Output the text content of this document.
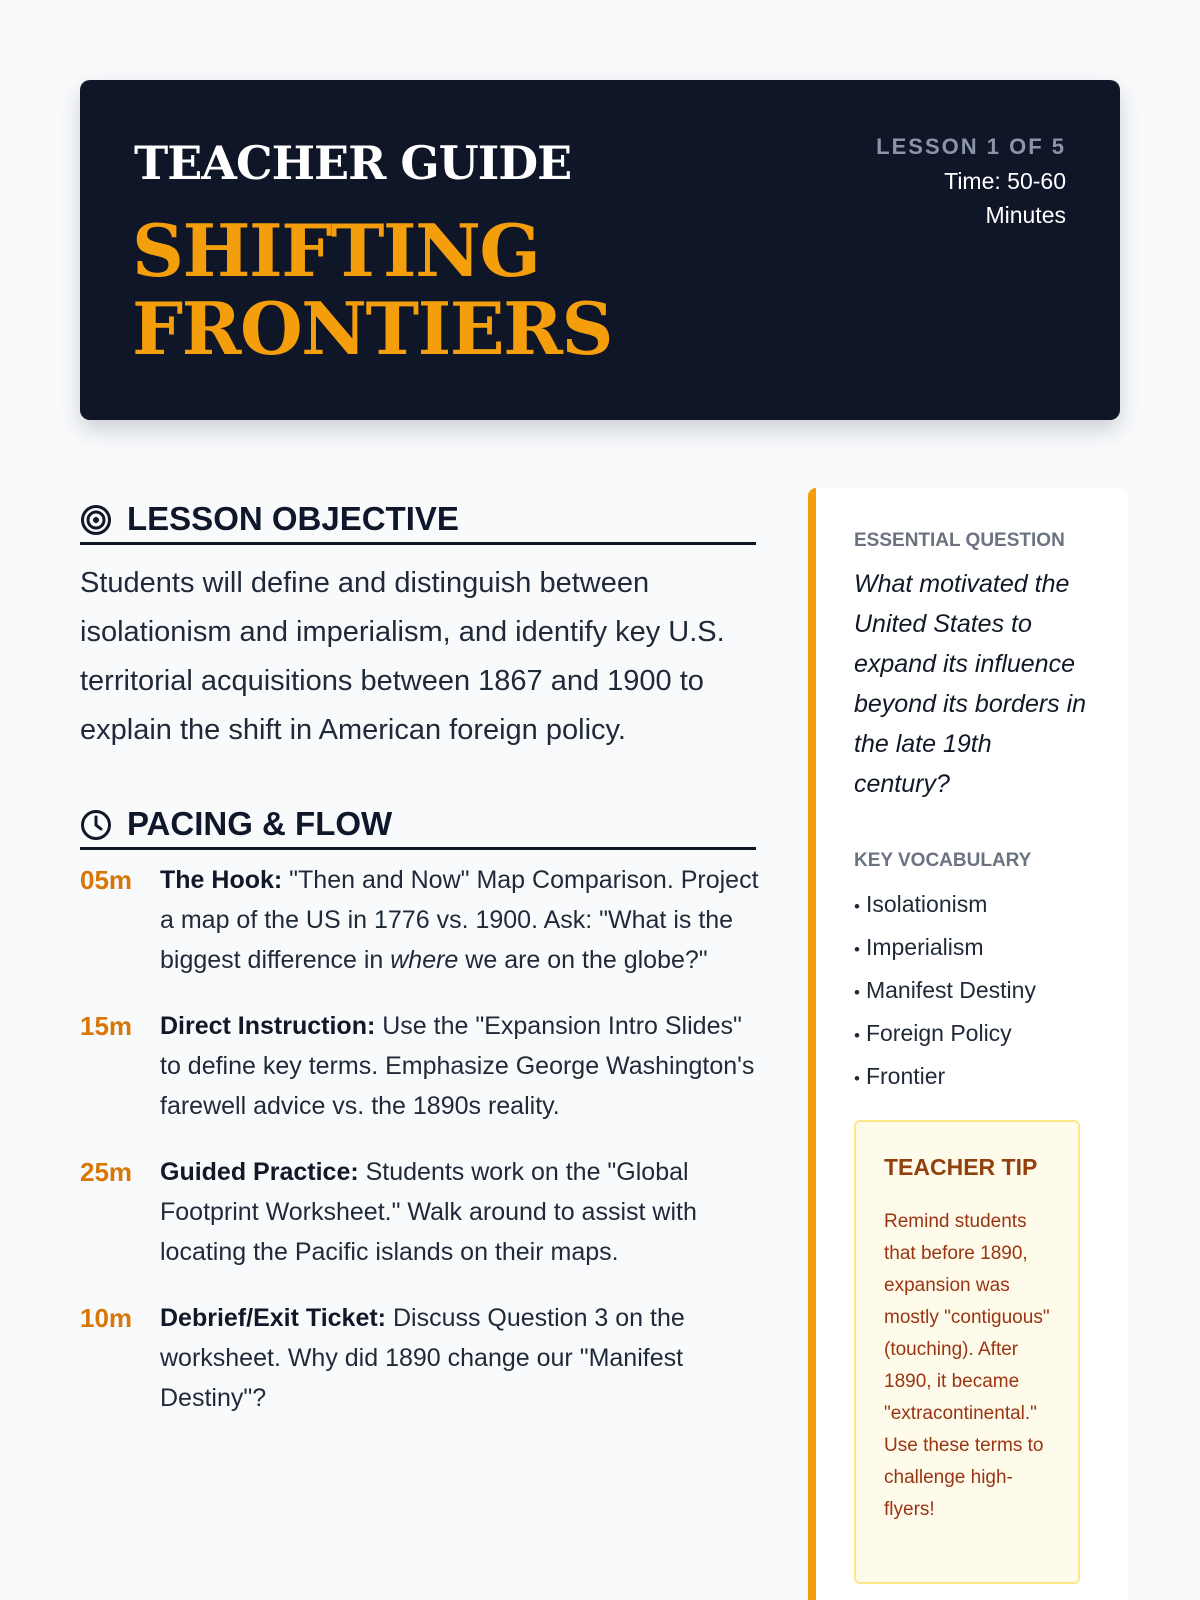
TEACHER GUIDE
SHIFTING FRONTIERS
LESSON 1 OF 5
Time: 50-60 Minutes
LESSON OBJECTIVE

Students will define and distinguish between isolationism and imperialism, and identify key U.S. territorial acquisitions between 1867 and 1900 to explain the shift in American foreign policy.

PACING & FLOW
05m	The Hook: "Then and Now" Map Comparison. Project a map of the US in 1776 vs. 1900. Ask: "What is the biggest difference in where we are on the globe?"
15m	Direct Instruction: Use the "Expansion Intro Slides" to define key terms. Emphasize George Washington's farewell advice vs. the 1890s reality.
25m	Guided Practice: Students work on the "Global Footprint Worksheet." Walk around to assist with locating the Pacific islands on their maps.
10m	Debrief/Exit Ticket: Discuss Question 3 on the worksheet. Why did 1890 change our "Manifest Destiny"?
ESSENTIAL QUESTION

What motivated the United States to expand its influence beyond its borders in the late 19th century?

KEY VOCABULARY
• Isolationism
• Imperialism
• Manifest Destiny
• Foreign Policy
• Frontier
TEACHER TIP

Remind students that before 1890, expansion was mostly "contiguous" (touching). After 1890, it became "extracontinental." Use these terms to challenge high-flyers!
